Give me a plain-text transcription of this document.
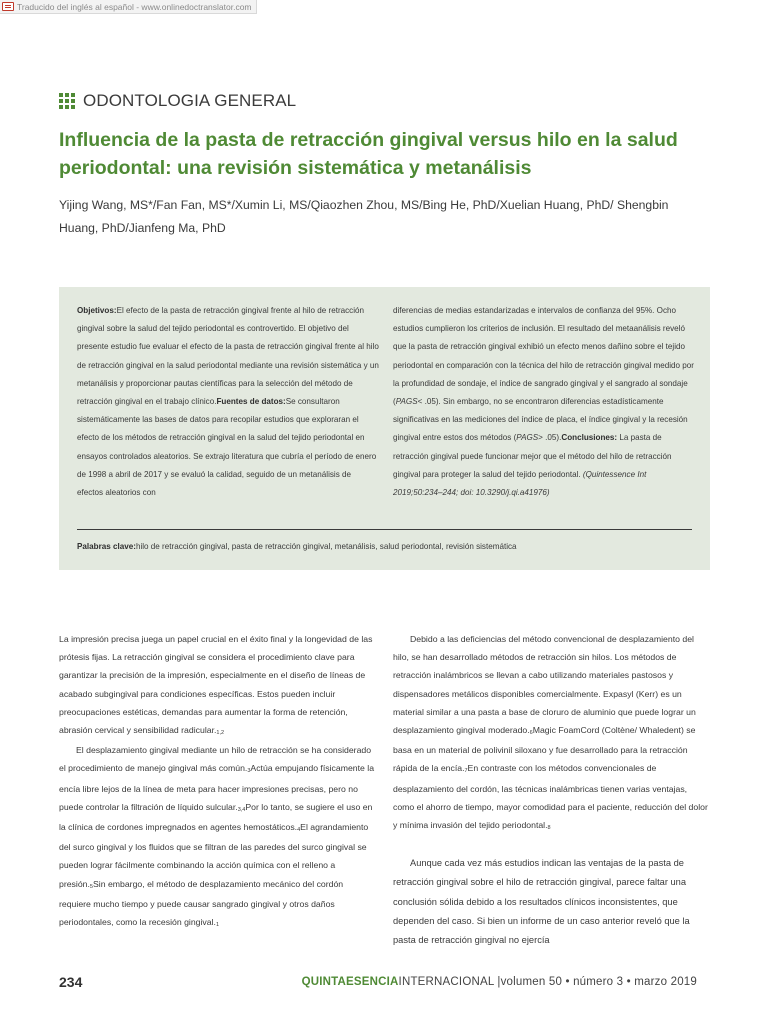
Traducido del inglés al español - www.onlinedoctranslator.com
ODONTOLOGIA GENERAL
Influencia de la pasta de retracción gingival versus hilo en la salud periodontal: una revisión sistemática y metanálisis
Yijing Wang, MS*/Fan Fan, MS*/Xumin Li, MS/Qiaozhen Zhou, MS/Bing He, PhD/Xuelian Huang, PhD/ Shengbin Huang, PhD/Jianfeng Ma, PhD
Objetivos:El efecto de la pasta de retracción gingival frente al hilo de retracción gingival sobre la salud del tejido periodontal es controvertido. El objetivo del presente estudio fue evaluar el efecto de la pasta de retracción gingival frente al hilo de retracción gingival en la salud periodontal mediante una revisión sistemática y un metanálisis y proporcionar pautas científicas para la selección del método de retracción gingival en el trabajo clínico.Fuentes de datos:Se consultaron sistemáticamente las bases de datos para recopilar estudios que exploraran el efecto de los métodos de retracción gingival en la salud del tejido periodontal en ensayos controlados aleatorios. Se extrajo literatura que cubría el período de enero de 1998 a abril de 2017 y se evaluó la calidad, seguido de un metanálisis de efectos aleatorios con
diferencias de medias estandarizadas e intervalos de confianza del 95%. Ocho estudios cumplieron los criterios de inclusión. El resultado del metaanálisis reveló que la pasta de retracción gingival exhibió un efecto menos dañino sobre el tejido periodontal en comparación con la técnica del hilo de retracción gingival medido por la profundidad de sondaje, el índice de sangrado gingival y el sangrado al sondaje (PAGS< .05). Sin embargo, no se encontraron diferencias estadísticamente significativas en las mediciones del índice de placa, el índice gingival y la recesión gingival entre estos dos métodos (PAGS> .05).Conclusiones: La pasta de retracción gingival puede funcionar mejor que el método del hilo de retracción gingival para proteger la salud del tejido periodontal. (Quintessence Int 2019;50:234–244; doi: 10.3290/j.qi.a41976)
Palabras clave:hilo de retracción gingival, pasta de retracción gingival, metanálisis, salud periodontal, revisión sistemática

La impresión precisa juega un papel crucial en el éxito final y la longevidad de las prótesis fijas. La retracción gingival se considera el procedimiento clave para garantizar la precisión de la impresión, especialmente en el diseño de líneas de acabado subgingival para condiciones específicas. Estos pueden incluir preocupaciones estéticas, demandas para aumentar la forma de retención, abrasión cervical y sensibilidad radicular.$^{1,2}$

El desplazamiento gingival mediante un hilo de retracción se ha considerado el procedimiento de manejo gingival más común.$^3$Actúa empujando físicamente la encía libre lejos de la línea de meta para hacer impresiones precisas, pero no puede controlar la filtración de líquido sulcular.$^{3,4}$Por lo tanto, se sugiere el uso en la clínica de cordones impregnados en agentes hemostáticos.$^4$El agrandamiento del surco gingival y los fluidos que se filtran de las paredes del surco gingival se pueden lograr fácilmente combinando la acción química con el relleno a presión.$^5$Sin embargo, el método de desplazamiento mecánico del cordón requiere mucho tiempo y puede causar sangrado gingival y otros daños periodontales, como la recesión gingival.$^1$

Debido a las deficiencias del método convencional de desplazamiento del hilo, se han desarrollado métodos de retracción sin hilos. Los métodos de retracción inalámbricos se llevan a cabo utilizando materiales pastosos y dispensadores metálicos disponibles comercialmente. Expasyl (Kerr) es un material similar a una pasta a base de cloruro de aluminio que puede lograr un desplazamiento gingival moderado.$^6$Magic FoamCord (Coltène/ Whaledent) se basa en un material de polivinil siloxano y fue desarrollado para la retracción rápida de la encía.$^7$En contraste con los métodos convencionales de desplazamiento del cordón, las técnicas inalámbricas tienen varias ventajas, como el ahorro de tiempo, mayor comodidad para el paciente, reducción del dolor y mínima invasión del tejido periodontal.$^8$

Aunque cada vez más estudios indican las ventajas de la pasta de retracción gingival sobre el hilo de retracción gingival, parece faltar una conclusión sólida debido a los resultados clínicos inconsistentes, que dependen del caso. Si bien un informe de un caso anterior reveló que la pasta de retracción gingival no ejercía

234	QUINTAESENCIAINTERNACIONAL |volumen 50 • número 3 • marzo 2019
